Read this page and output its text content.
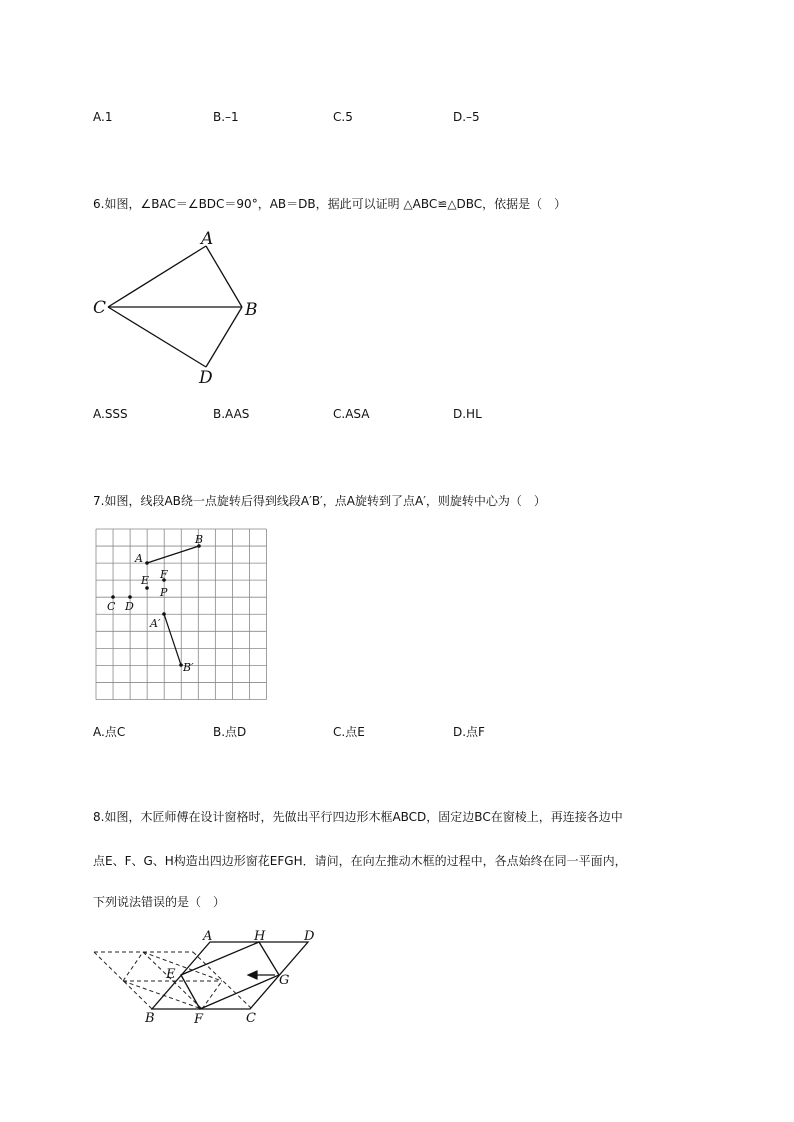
A.1	B.–1	C.5	D.–5
6.如图，∠BAC＝∠BDC＝90°，AB＝DB，据此可以证明 △ABC≌△DBC，依据是（　）
A
B
C
D
A.SSS	B.AAS	C.ASA	D.HL
7.如图，线段AB绕一点旋转后得到线段A′B′，点A旋转到了点A′，则旋转中心为（　）
A
B
E F
P
C D
A′
B′
A.点C	B.点D	C.点E	D.点F
8.如图，木匠师傅在设计窗格时，先做出平行四边形木框ABCD，固定边BC在窗棱上，再连接各边中
点E、F、G、H构造出四边形窗花EFGH．请问，在向左推动木框的过程中，各点始终在同一平面内，
下列说法错误的是（　）
A	H	D
E	G
B	F	C
